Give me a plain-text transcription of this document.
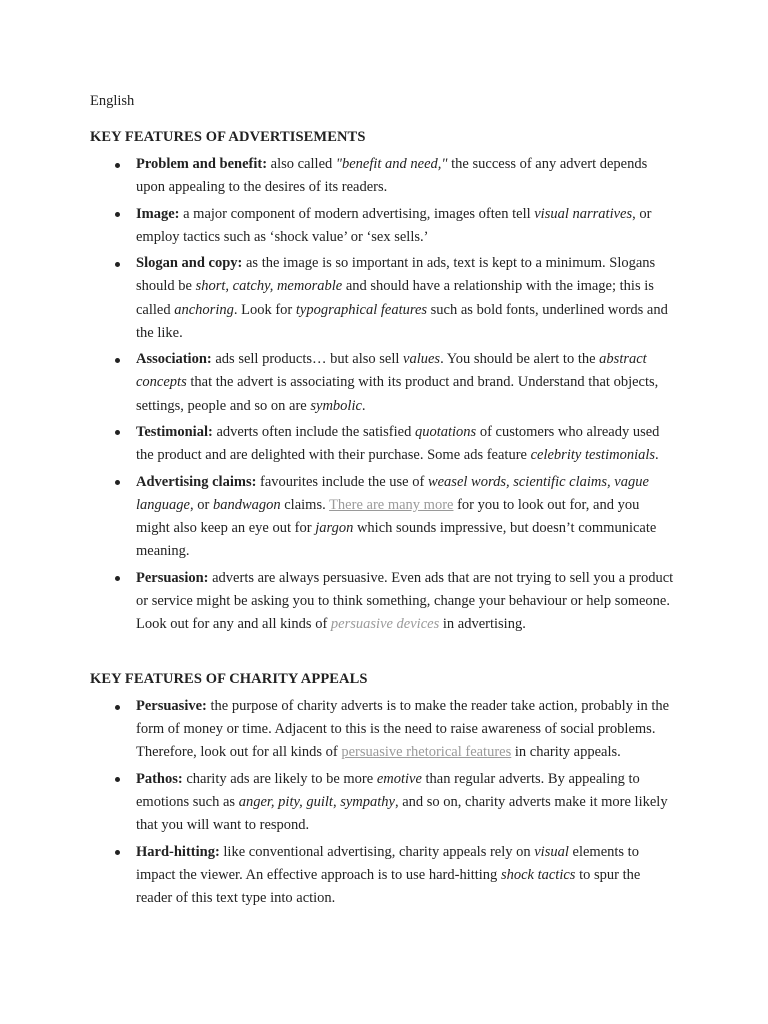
English
KEY FEATURES OF ADVERTISEMENTS
Problem and benefit: also called "benefit and need," the success of any advert depends upon appealing to the desires of its readers.
Image: a major component of modern advertising, images often tell visual narratives, or employ tactics such as ‘shock value’ or ‘sex sells.’
Slogan and copy: as the image is so important in ads, text is kept to a minimum. Slogans should be short, catchy, memorable and should have a relationship with the image; this is called anchoring. Look for typographical features such as bold fonts, underlined words and the like.
Association: ads sell products… but also sell values. You should be alert to the abstract concepts that the advert is associating with its product and brand. Understand that objects, settings, people and so on are symbolic.
Testimonial: adverts often include the satisfied quotations of customers who already used the product and are delighted with their purchase. Some ads feature celebrity testimonials.
Advertising claims: favourites include the use of weasel words, scientific claims, vague language, or bandwagon claims. There are many more for you to look out for, and you might also keep an eye out for jargon which sounds impressive, but doesn’t communicate meaning.
Persuasion: adverts are always persuasive. Even ads that are not trying to sell you a product or service might be asking you to think something, change your behaviour or help someone. Look out for any and all kinds of persuasive devices in advertising.
KEY FEATURES OF CHARITY APPEALS
Persuasive: the purpose of charity adverts is to make the reader take action, probably in the form of money or time. Adjacent to this is the need to raise awareness of social problems. Therefore, look out for all kinds of persuasive rhetorical features in charity appeals.
Pathos: charity ads are likely to be more emotive than regular adverts. By appealing to emotions such as anger, pity, guilt, sympathy, and so on, charity adverts make it more likely that you will want to respond.
Hard-hitting: like conventional advertising, charity appeals rely on visual elements to impact the viewer. An effective approach is to use hard-hitting shock tactics to spur the reader of this text type into action.
